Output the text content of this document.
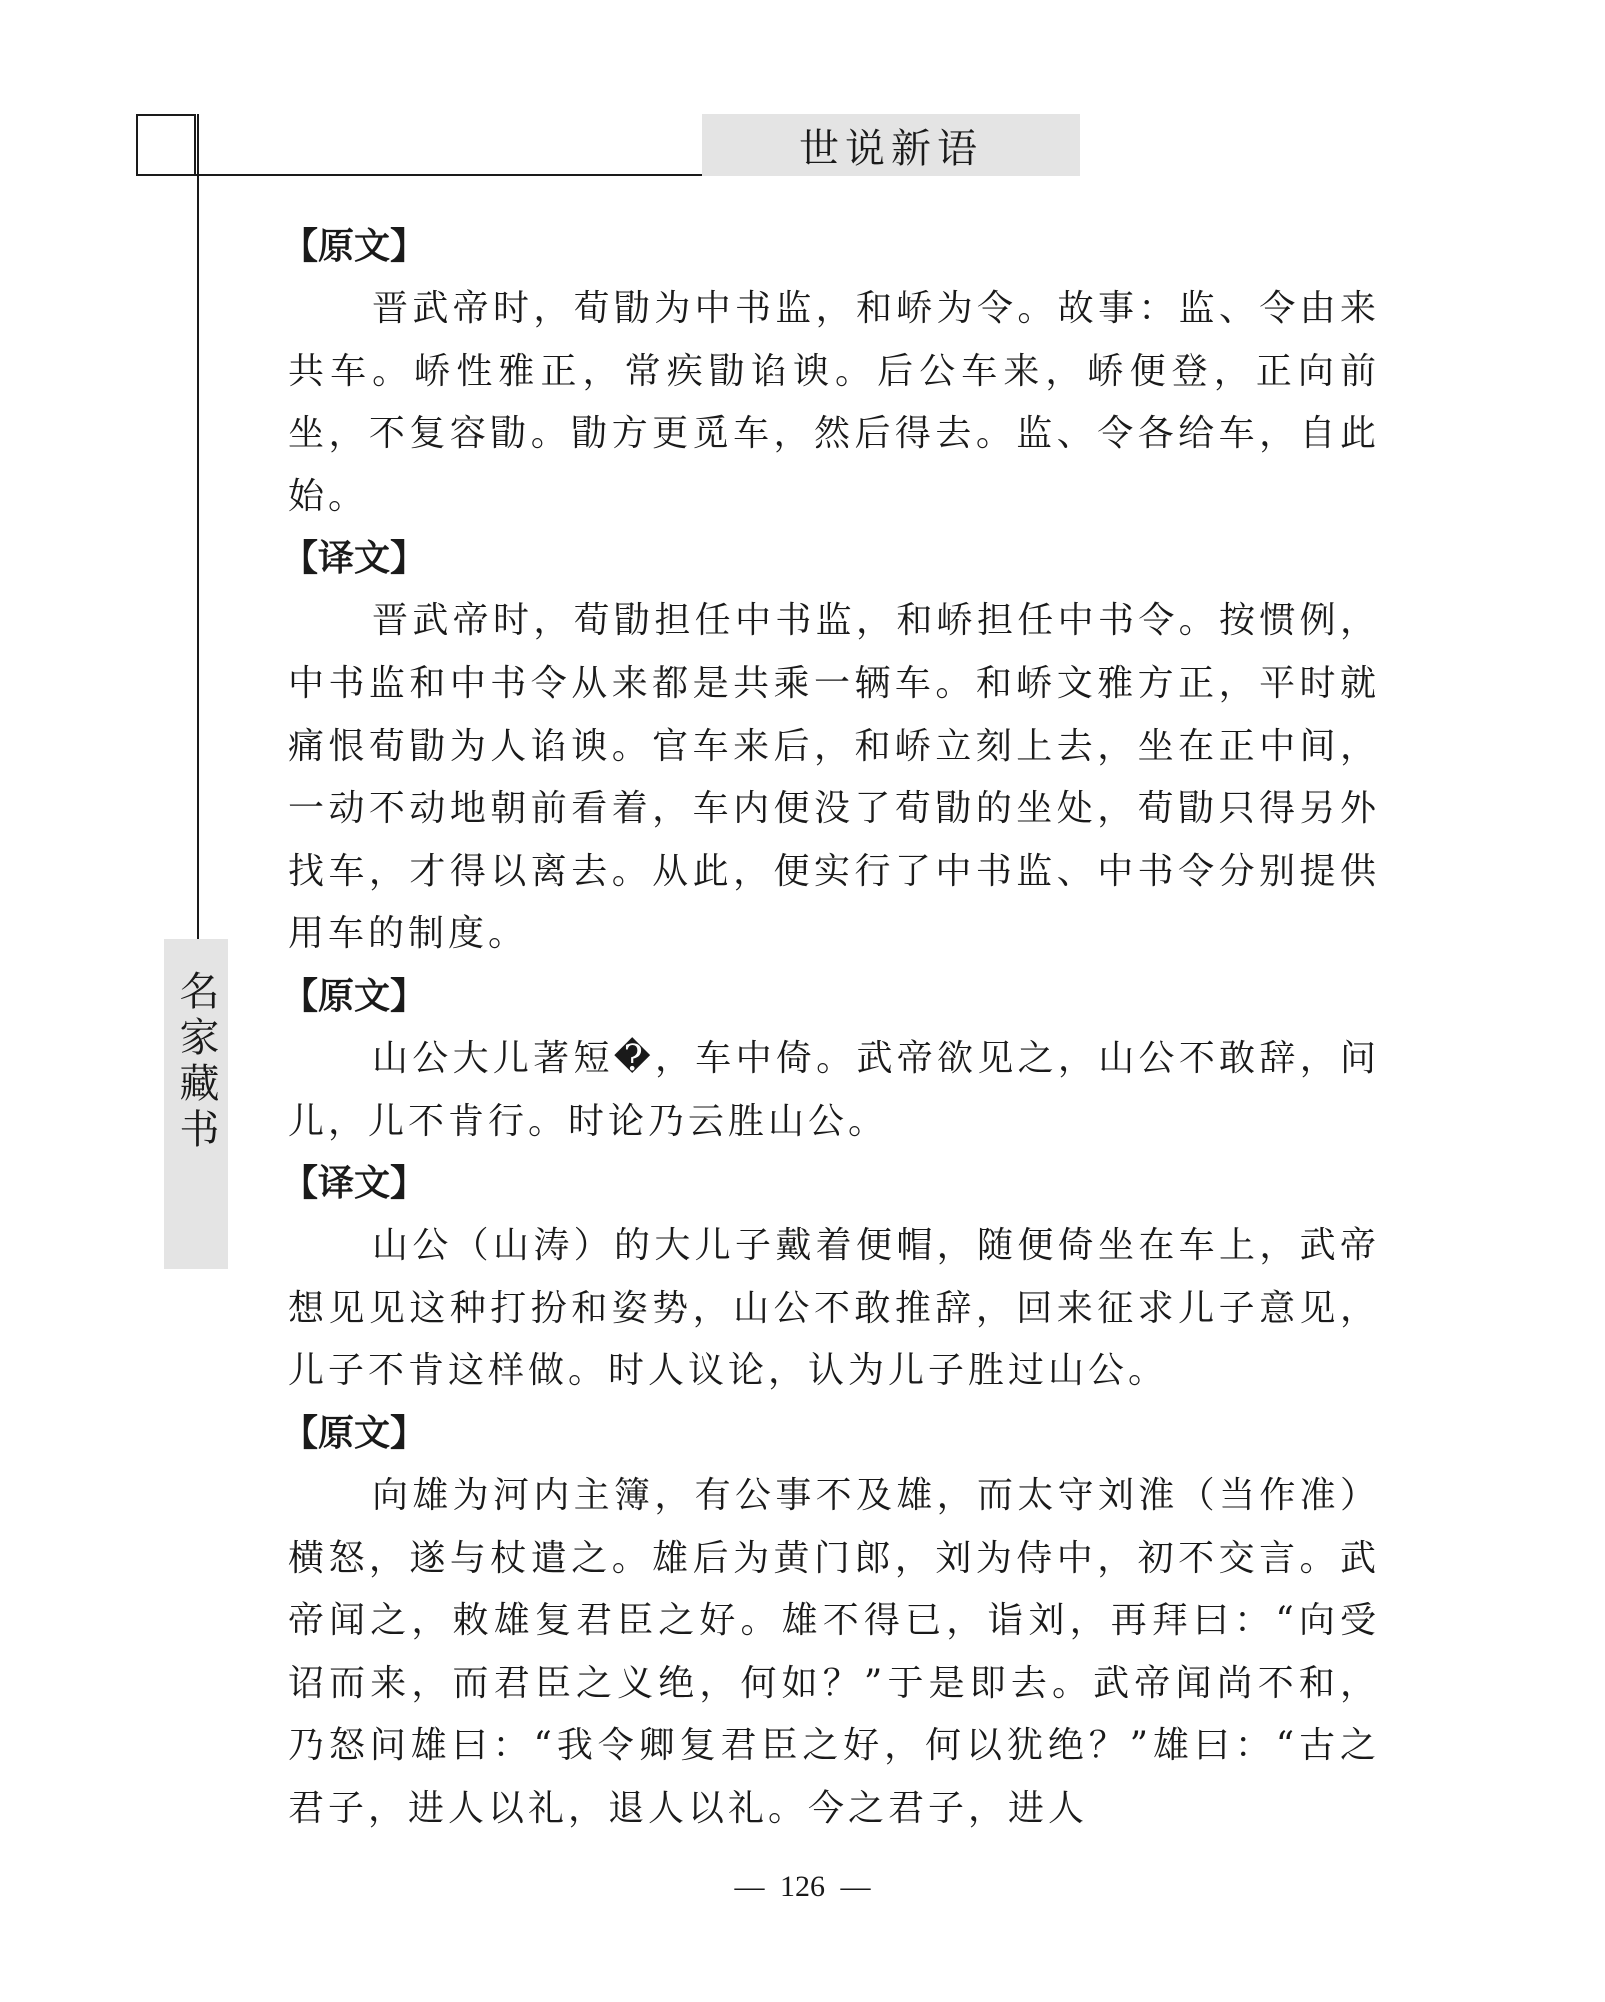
世说新语
名家藏书
【原文】

晋武帝时，荀勖为中书监，和峤为令。故事：监、令由来共车。峤性雅正，常疾勖谄谀。后公车来，峤便登，正向前坐，不复容勖。勖方更觅车，然后得去。监、令各给车，自此始。

【译文】

晋武帝时，荀勖担任中书监，和峤担任中书令。按惯例，中书监和中书令从来都是共乘一辆车。和峤文雅方正，平时就痛恨荀勖为人谄谀。官车来后，和峤立刻上去，坐在正中间，一动不动地朝前看着，车内便没了荀勖的坐处，荀勖只得另外找车，才得以离去。从此，便实行了中书监、中书令分别提供用车的制度。

【原文】

山公大儿著短�，车中倚。武帝欲见之，山公不敢辞，问儿，儿不肯行。时论乃云胜山公。

【译文】

山公（山涛）的大儿子戴着便帽，随便倚坐在车上，武帝想见见这种打扮和姿势，山公不敢推辞，回来征求儿子意见，儿子不肯这样做。时人议论，认为儿子胜过山公。

【原文】

向雄为河内主簿，有公事不及雄，而太守刘淮（当作准）横怒，遂与杖遣之。雄后为黄门郎，刘为侍中，初不交言。武帝闻之，敕雄复君臣之好。雄不得已，诣刘，再拜曰：“向受诏而来，而君臣之义绝，何如？”于是即去。武帝闻尚不和，乃怒问雄曰：“我令卿复君臣之好，何以犹绝？”雄曰：“古之君子，进人以礼，退人以礼。今之君子，进人

— 126 —
